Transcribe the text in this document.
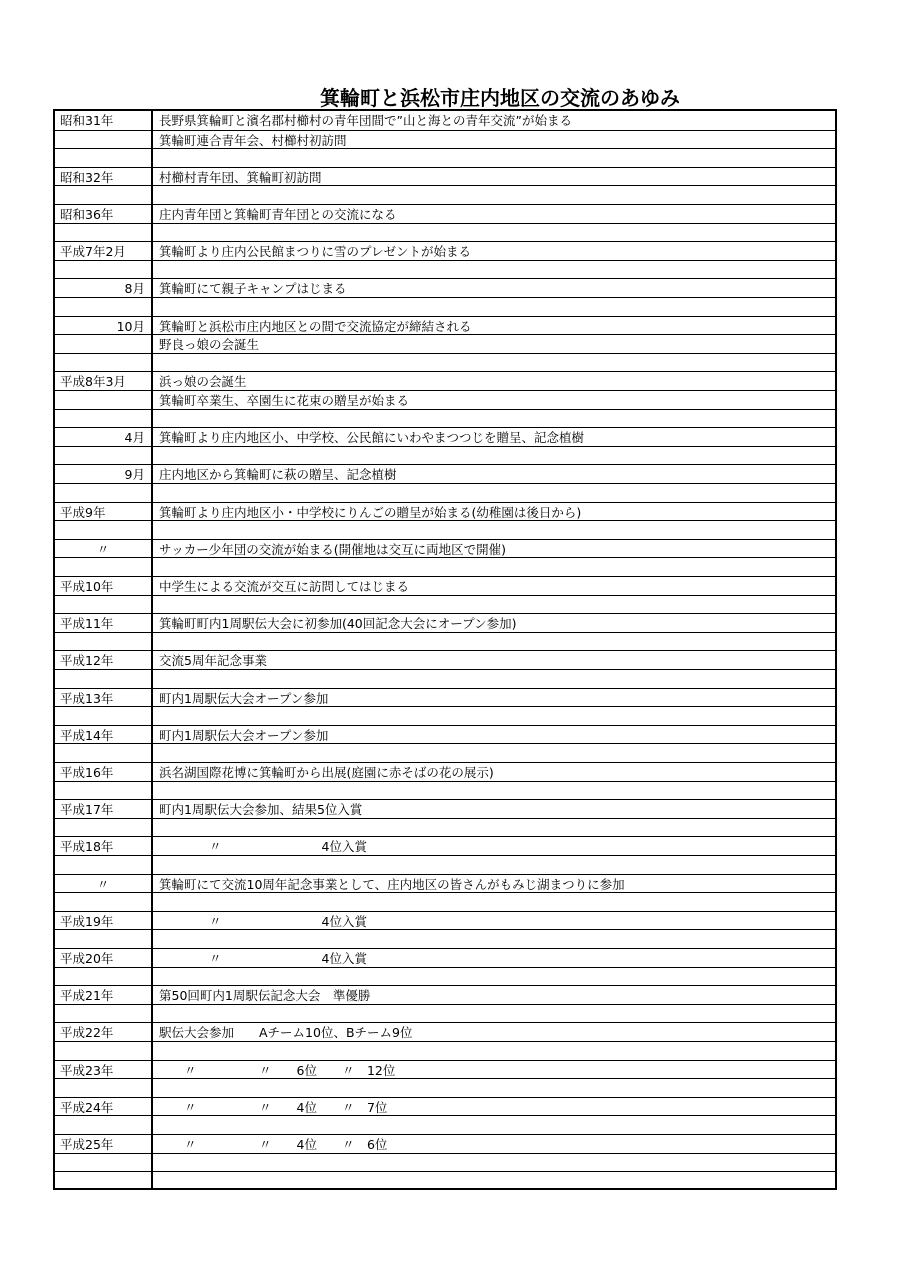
箕輪町と浜松市庄内地区の交流のあゆみ
昭和31年	長野県箕輪町と濱名郡村櫛村の青年団間で”山と海との青年交流”が始まる
箕輪町連合青年会、村櫛村初訪問
昭和32年	村櫛村青年団、箕輪町初訪問
昭和36年	庄内青年団と箕輪町青年団との交流になる
平成7年2月	箕輪町より庄内公民館まつりに雪のプレゼントが始まる
8月 箕輪町にて親子キャンプはじまる
10月 箕輪町と浜松市庄内地区との間で交流協定が締結される
野良っ娘の会誕生
平成8年3月	浜っ娘の会誕生
箕輪町卒業生、卒園生に花束の贈呈が始まる
4月 箕輪町より庄内地区小、中学校、公民館にいわやまつつじを贈呈、記念植樹
9月 庄内地区から箕輪町に萩の贈呈、記念植樹
平成9年	箕輪町より庄内地区小・中学校にりんごの贈呈が始まる(幼稚園は後日から)
〃	サッカー少年団の交流が始まる(開催地は交互に両地区で開催)
平成10年	中学生による交流が交互に訪問してはじまる
平成11年	箕輪町町内1周駅伝大会に初参加(40回記念大会にオープン参加)
平成12年	交流5周年記念事業
平成13年	町内1周駅伝大会オープン参加
平成14年	町内1周駅伝大会オープン参加
平成16年	浜名湖国際花博に箕輪町から出展(庭園に赤そばの花の展示)
平成17年	町内1周駅伝大会参加、結果5位入賞
平成18年	　　　　〃　　　　　　　　4位入賞
〃	箕輪町にて交流10周年記念事業として、庄内地区の皆さんがもみじ湖まつりに参加
平成19年	　　　　〃　　　　　　　　4位入賞
平成20年	　　　　〃　　　　　　　　4位入賞
平成21年	第50回町内1周駅伝記念大会　準優勝
平成22年	駅伝大会参加　　Aチーム10位、Bチーム9位
平成23年	　　〃　　　　　〃　　6位　　〃　12位
平成24年	　　〃　　　　　〃　　4位　　〃　7位
平成25年	　　〃　　　　　〃　　4位　　〃　6位
